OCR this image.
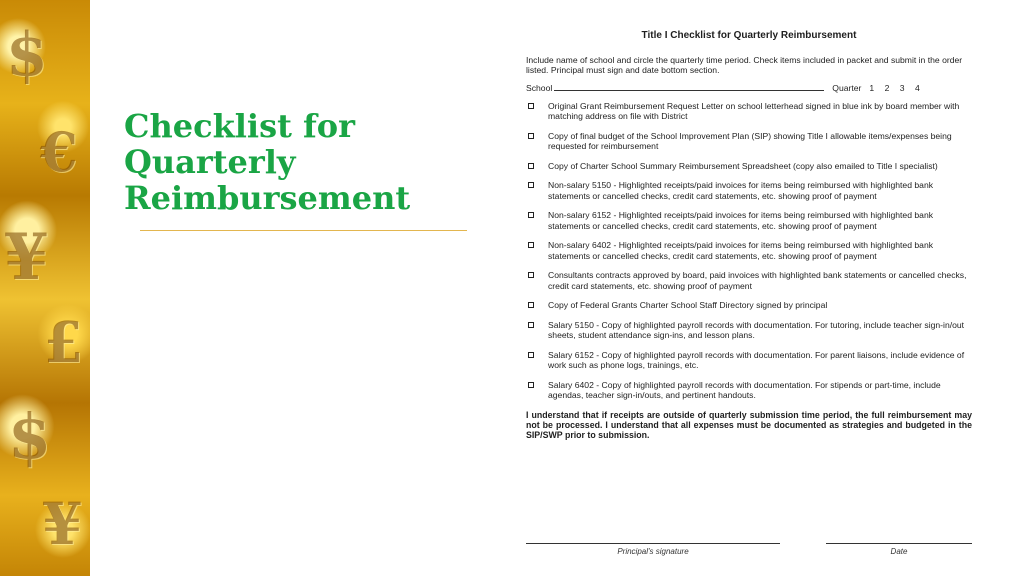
$
€
¥
£
$
¥
Checklist for
Quarterly
Reimbursement
Title I Checklist for Quarterly Reimbursement
Include name of school and circle the quarterly time period. Check items included in packet and submit in the order listed. Principal must sign and date bottom section.
School	Quarter 1 2 3 4
Original Grant Reimbursement Request Letter on school letterhead signed in blue ink by board member with matching address on file with District
Copy of final budget of the School Improvement Plan (SIP) showing Title I allowable items/expenses being requested for reimbursement
Copy of Charter School Summary Reimbursement Spreadsheet (copy also emailed to Title I specialist)
Non-salary 5150 - Highlighted receipts/paid invoices for items being reimbursed with highlighted bank statements or cancelled checks, credit card statements, etc. showing proof of payment
Non-salary 6152 - Highlighted receipts/paid invoices for items being reimbursed with highlighted bank statements or cancelled checks, credit card statements, etc. showing proof of payment
Non-salary 6402 - Highlighted receipts/paid invoices for items being reimbursed with highlighted bank statements or cancelled checks, credit card statements, etc. showing proof of payment
Consultants contracts approved by board, paid invoices with highlighted bank statements or cancelled checks, credit card statements, etc. showing proof of payment
Copy of Federal Grants Charter School Staff Directory signed by principal
Salary 5150 - Copy of highlighted payroll records with documentation. For tutoring, include teacher sign-in/out sheets, student attendance sign-ins, and lesson plans.
Salary 6152 - Copy of highlighted payroll records with documentation. For parent liaisons, include evidence of work such as phone logs, trainings, etc.
Salary 6402 - Copy of highlighted payroll records with documentation. For stipends or part-time, include agendas, teacher sign-in/outs, and pertinent handouts.
I understand that if receipts are outside of quarterly submission time period, the full reimbursement may not be processed. I understand that all expenses must be documented as strategies and budgeted in the SIP/SWP prior to submission.
Principal's signature	Date
